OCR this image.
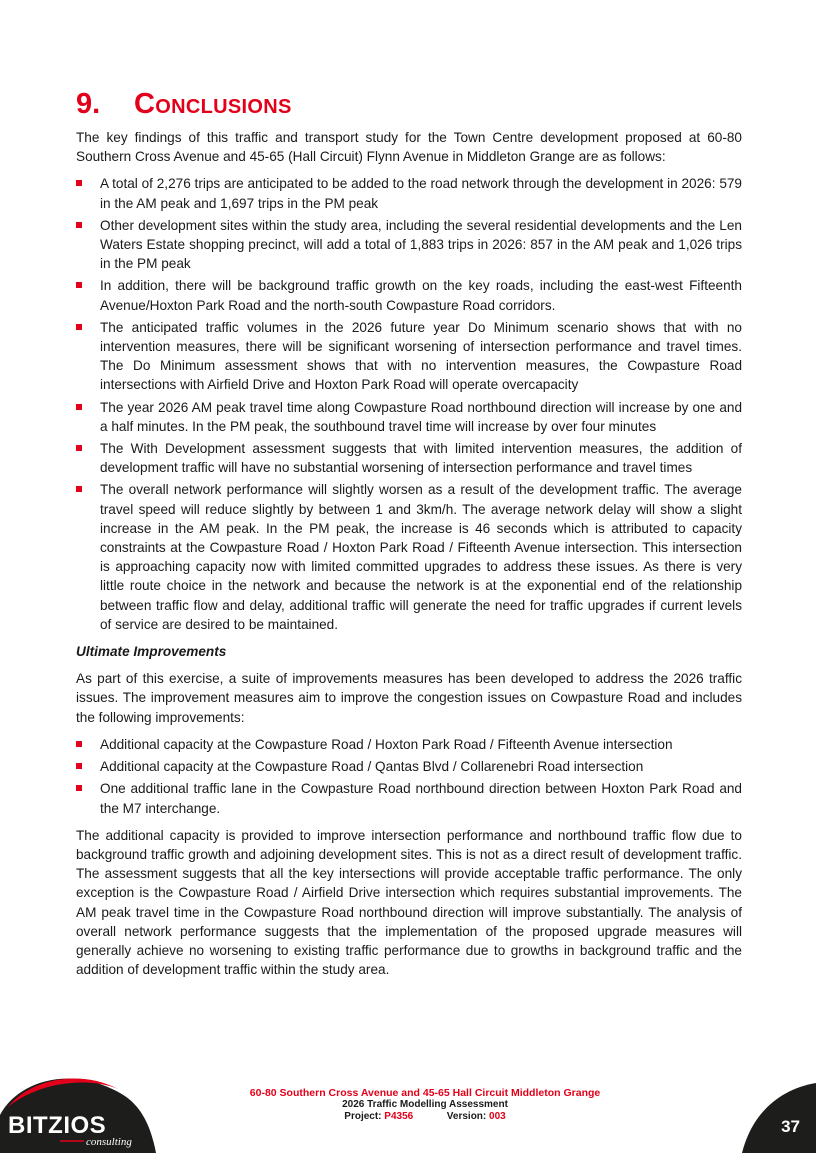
9.	Conclusions

The key findings of this traffic and transport study for the Town Centre development proposed at 60-80 Southern Cross Avenue and 45-65 (Hall Circuit) Flynn Avenue in Middleton Grange are as follows:

A total of 2,276 trips are anticipated to be added to the road network through the development in 2026: 579 in the AM peak and 1,697 trips in the PM peak
Other development sites within the study area, including the several residential developments and the Len Waters Estate shopping precinct, will add a total of 1,883 trips in 2026: 857 in the AM peak and 1,026 trips in the PM peak
In addition, there will be background traffic growth on the key roads, including the east-west Fifteenth Avenue/Hoxton Park Road and the north-south Cowpasture Road corridors.
The anticipated traffic volumes in the 2026 future year Do Minimum scenario shows that with no intervention measures, there will be significant worsening of intersection performance and travel times. The Do Minimum assessment shows that with no intervention measures, the Cowpasture Road intersections with Airfield Drive and Hoxton Park Road will operate overcapacity
The year 2026 AM peak travel time along Cowpasture Road northbound direction will increase by one and a half minutes. In the PM peak, the southbound travel time will increase by over four minutes
The With Development assessment suggests that with limited intervention measures, the addition of development traffic will have no substantial worsening of intersection performance and travel times
The overall network performance will slightly worsen as a result of the development traffic. The average travel speed will reduce slightly by between 1 and 3km/h. The average network delay will show a slight increase in the AM peak. In the PM peak, the increase is 46 seconds which is attributed to capacity constraints at the Cowpasture Road / Hoxton Park Road / Fifteenth Avenue intersection. This intersection is approaching capacity now with limited committed upgrades to address these issues. As there is very little route choice in the network and because the network is at the exponential end of the relationship between traffic flow and delay, additional traffic will generate the need for traffic upgrades if current levels of service are desired to be maintained.

Ultimate Improvements

As part of this exercise, a suite of improvements measures has been developed to address the 2026 traffic issues. The improvement measures aim to improve the congestion issues on Cowpasture Road and includes the following improvements:

Additional capacity at the Cowpasture Road / Hoxton Park Road / Fifteenth Avenue intersection
Additional capacity at the Cowpasture Road / Qantas Blvd / Collarenebri Road intersection
One additional traffic lane in the Cowpasture Road northbound direction between Hoxton Park Road and the M7 interchange.

The additional capacity is provided to improve intersection performance and northbound traffic flow due to background traffic growth and adjoining development sites. This is not as a direct result of development traffic. The assessment suggests that all the key intersections will provide acceptable traffic performance. The only exception is the Cowpasture Road / Airfield Drive intersection which requires substantial improvements. The AM peak travel time in the Cowpasture Road northbound direction will improve substantially. The analysis of overall network performance suggests that the implementation of the proposed upgrade measures will generally achieve no worsening to existing traffic performance due to growths in background traffic and the addition of development traffic within the study area.

BITZIOS
consulting
60-80 Southern Cross Avenue and 45-65 Hall Circuit Middleton Grange
2026 Traffic Modelling Assessment
Project: P4356	Version: 003
37
